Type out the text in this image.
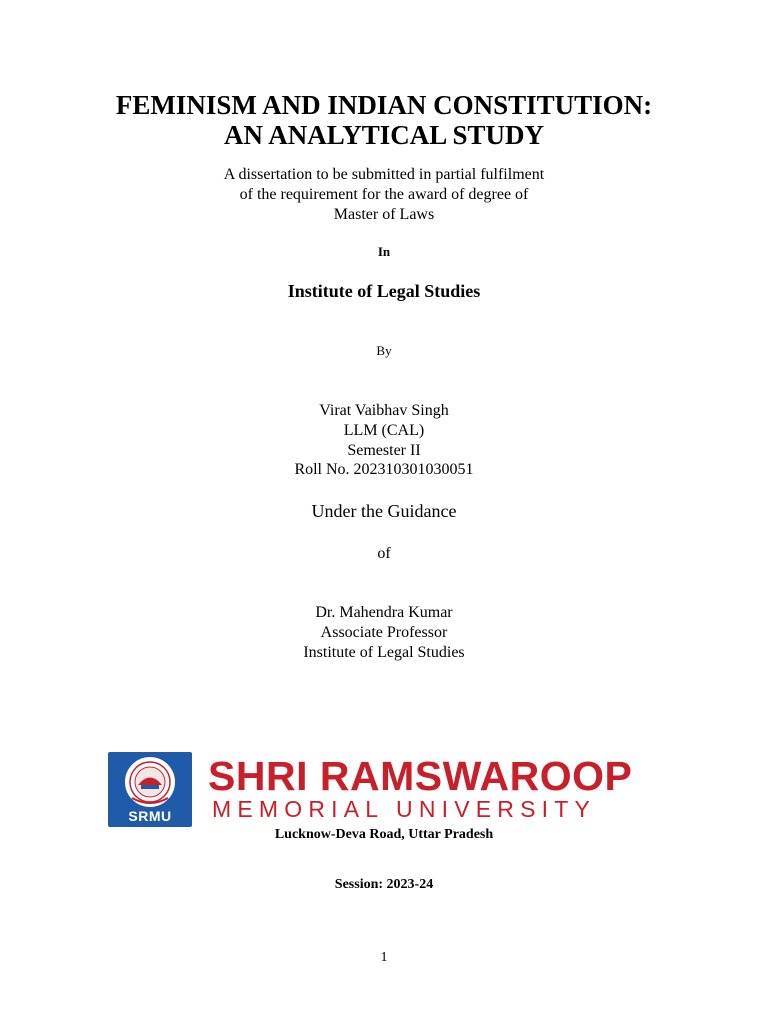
FEMINISM AND INDIAN CONSTITUTION:
AN ANALYTICAL STUDY
A dissertation to be submitted in partial fulfilment
of the requirement for the award of degree of
Master of Laws
In
Institute of Legal Studies
By
Virat Vaibhav Singh
LLM (CAL)
Semester II
Roll No. 202310301030051
Under the Guidance
of
Dr. Mahendra Kumar
Associate Professor
Institute of Legal Studies
SRMU
SHRI RAMSWAROOP
MEMORIAL UNIVERSITY
Lucknow-Deva Road, Uttar Pradesh
Session: 2023-24
1
